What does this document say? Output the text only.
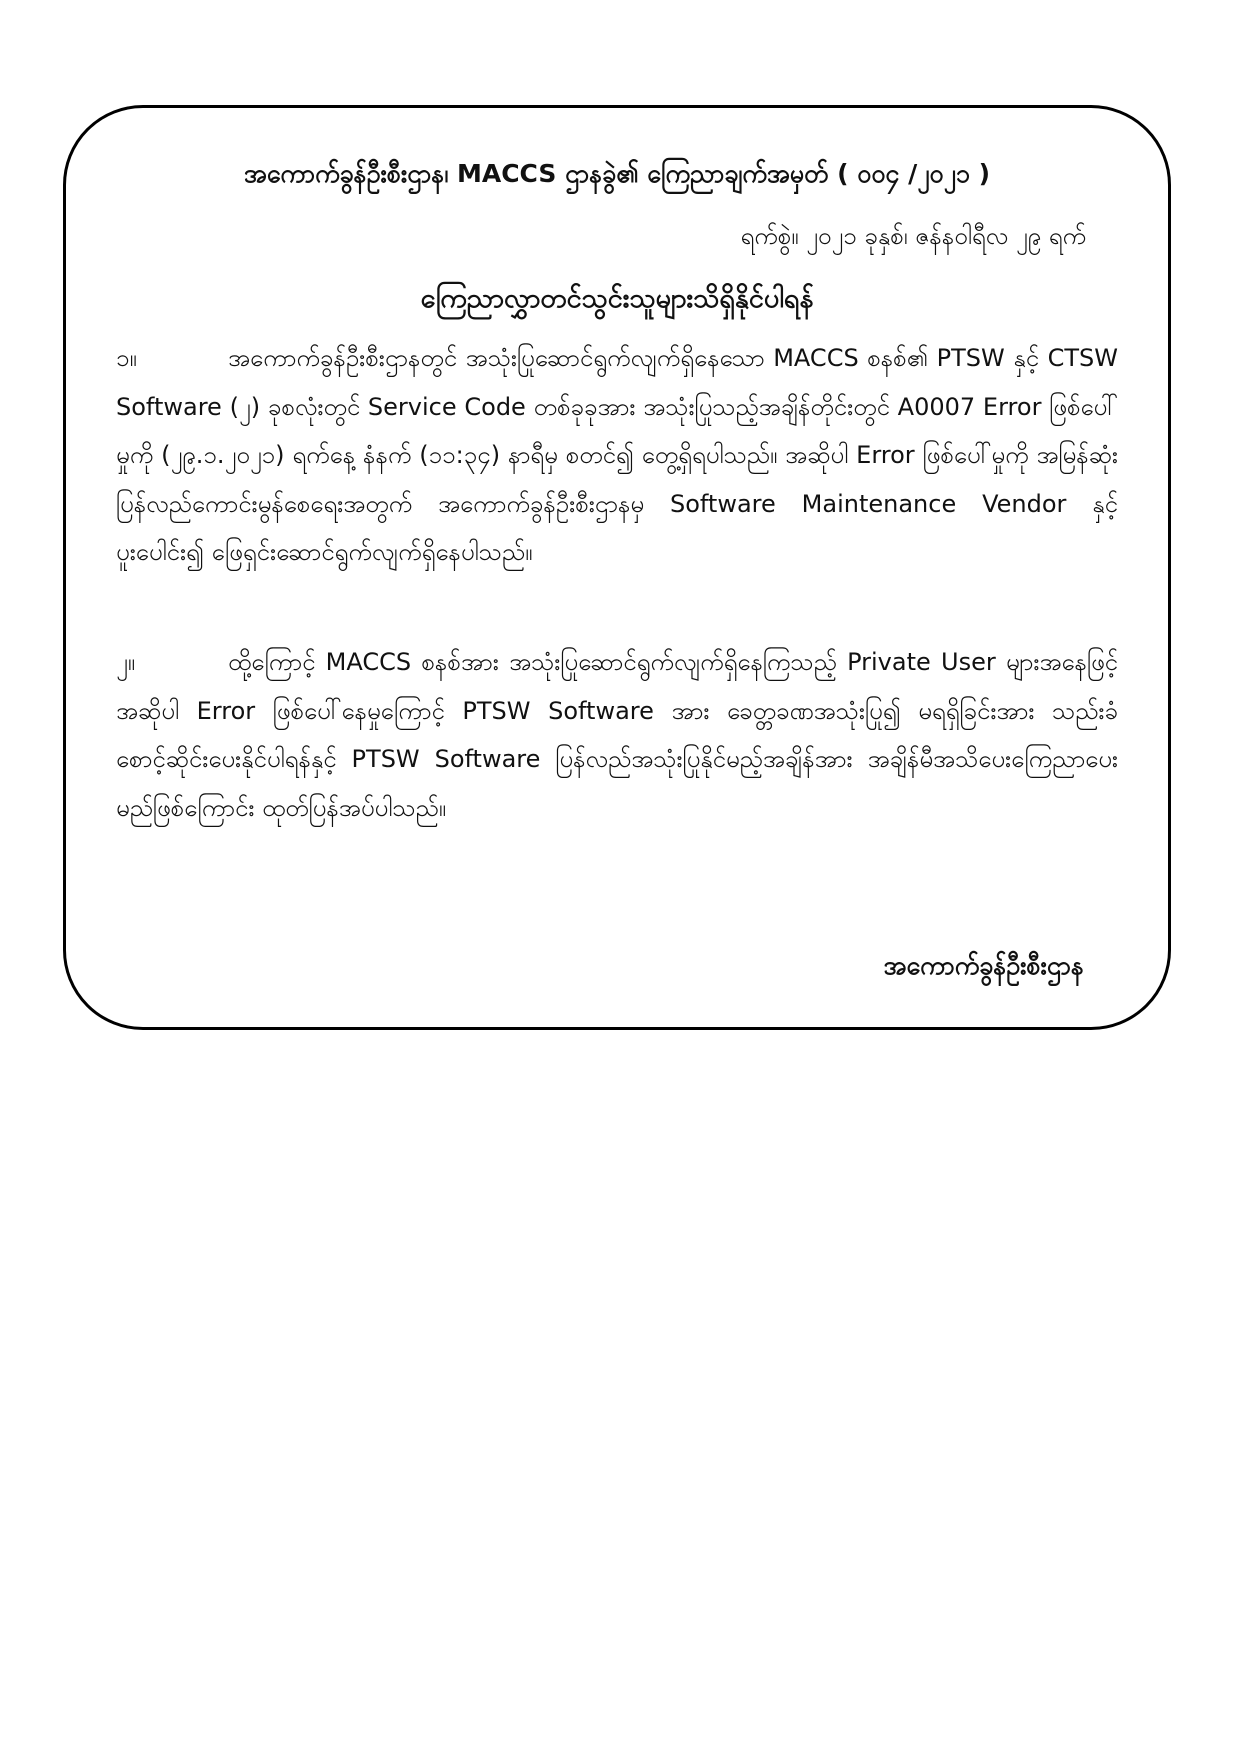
အကောက်ခွန်ဦးစီးဌာန၊ MACCS ဌာနခွဲ၏ ကြေညာချက်အမှတ် ( ၀၀၄ /၂၀၂၁ )
ရက်စွဲ။ ၂၀၂၁ ခုနှစ်၊ ဇန်နဝါရီလ ၂၉ ရက်
ကြေညာလွှာတင်သွင်းသူများသိရှိနိုင်ပါရန်
၁။	အကောက်ခွန်ဦးစီးဌာနတွင် အသုံးပြုဆောင်ရွက်လျက်ရှိနေသော MACCS စနစ်၏ PTSW နှင့် CTSW Software (၂) ခုစလုံးတွင် Service Code တစ်ခုခုအား အသုံးပြုသည့်အချိန်တိုင်းတွင် A0007 Error ဖြစ်ပေါ်မှုကို (၂၉.၁.၂၀၂၁) ရက်နေ့ နံနက် (၁၁:၃၄) နာရီမှ စတင်၍ တွေ့ရှိရပါသည်။ အဆိုပါ Error ဖြစ်ပေါ်မှုကို အမြန်ဆုံးပြန်လည်ကောင်းမွန်စေရေးအတွက် အကောက်ခွန်ဦးစီးဌာနမှ Software Maintenance Vendor နှင့် ပူးပေါင်း၍ ဖြေရှင်းဆောင်ရွက်လျက်ရှိနေပါသည်။
၂။	ထို့ကြောင့် MACCS စနစ်အား အသုံးပြုဆောင်ရွက်လျက်ရှိနေကြသည့် Private User များအနေဖြင့် အဆိုပါ Error ဖြစ်ပေါ်နေမှုကြောင့် PTSW Software အား ခေတ္တခဏအသုံးပြု၍ မရရှိခြင်းအား သည်းခံစောင့်ဆိုင်းပေးနိုင်ပါရန်နှင့် PTSW Software ပြန်လည်အသုံးပြုနိုင်မည့်အချိန်အား အချိန်မီအသိပေးကြေညာပေးမည်ဖြစ်ကြောင်း ထုတ်ပြန်အပ်ပါသည်။
အကောက်ခွန်ဦးစီးဌာန
